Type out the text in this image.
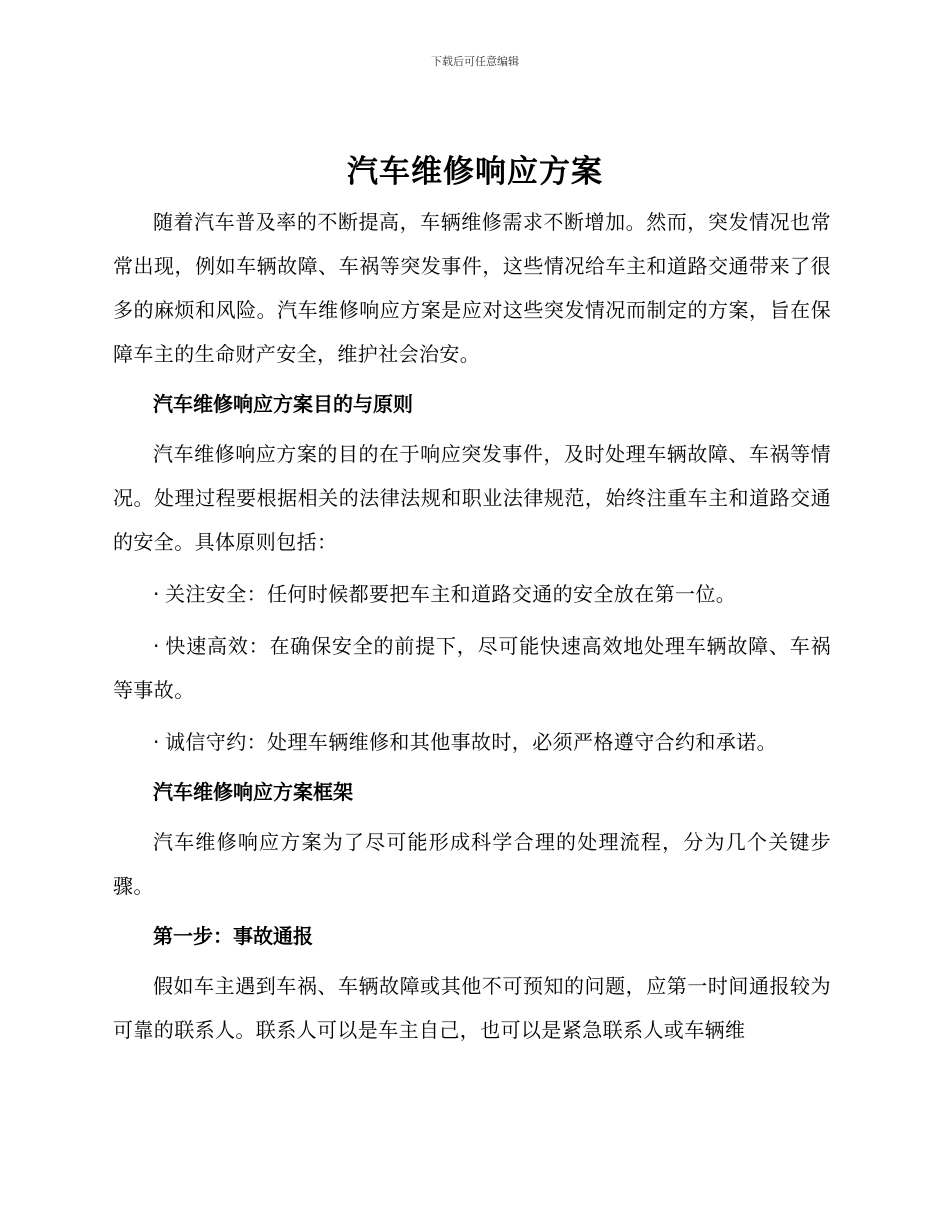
下载后可任意编辑
汽车维修响应方案

随着汽车普及率的不断提高，车辆维修需求不断增加。然而，突发情况也常常出现，例如车辆故障、车祸等突发事件，这些情况给车主和道路交通带来了很多的麻烦和风险。汽车维修响应方案是应对这些突发情况而制定的方案，旨在保障车主的生命财产安全，维护社会治安。

汽车维修响应方案目的与原则

汽车维修响应方案的目的在于响应突发事件，及时处理车辆故障、车祸等情况。处理过程要根据相关的法律法规和职业法律规范，始终注重车主和道路交通的安全。具体原则包括：

· 关注安全：任何时候都要把车主和道路交通的安全放在第一位。
· 快速高效：在确保安全的前提下，尽可能快速高效地处理车辆故障、车祸等事故。
· 诚信守约：处理车辆维修和其他事故时，必须严格遵守合约和承诺。
汽车维修响应方案框架

汽车维修响应方案为了尽可能形成科学合理的处理流程，分为几个关键步骤。

第一步：事故通报

假如车主遇到车祸、车辆故障或其他不可预知的问题，应第一时间通报较为可靠的联系人。联系人可以是车主自己，也可以是紧急联系人或车辆维
